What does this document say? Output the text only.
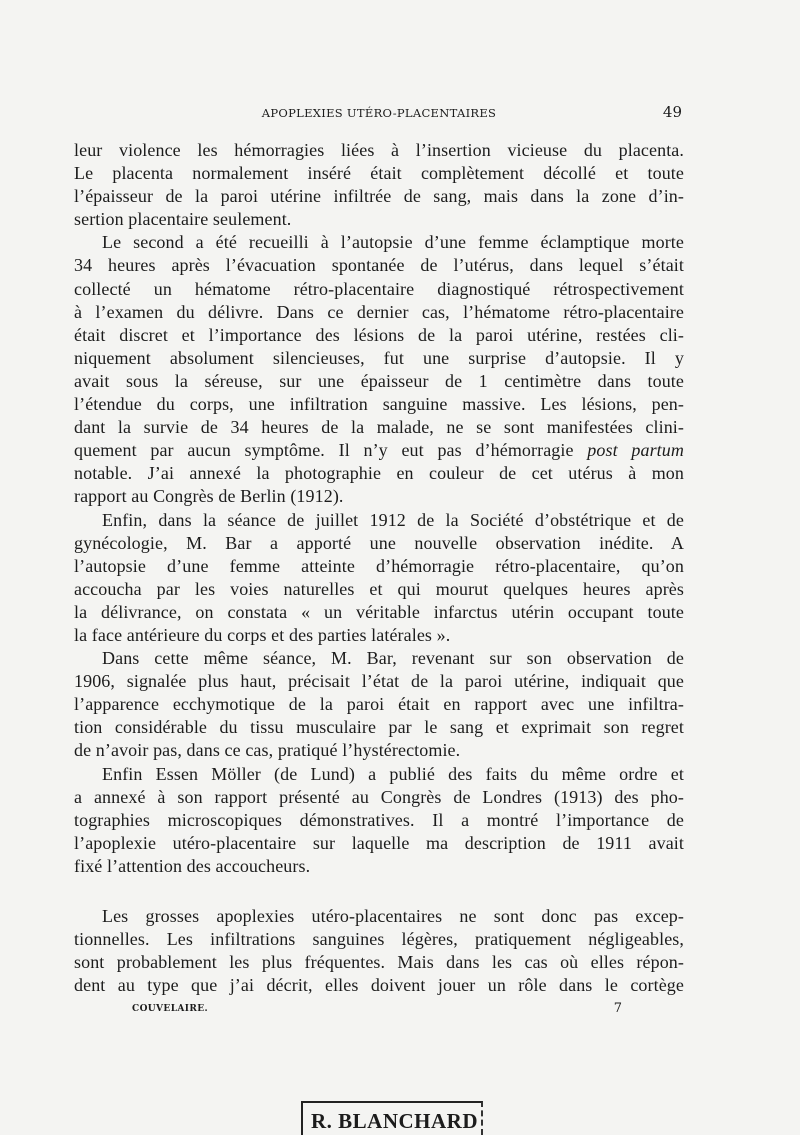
APOPLEXIES UTÉRO-PLACENTAIRES	49
leur violence les hémorragies liées à l’insertion vicieuse du placenta.
Le placenta normalement inséré était complètement décollé et toute
l’épaisseur de la paroi utérine infiltrée de sang, mais dans la zone d’in-
sertion placentaire seulement.
Le second a été recueilli à l’autopsie d’une femme éclamptique morte
34 heures après l’évacuation spontanée de l’utérus, dans lequel s’était
collecté un hématome rétro-placentaire diagnostiqué rétrospectivement
à l’examen du délivre. Dans ce dernier cas, l’hématome rétro-placentaire
était discret et l’importance des lésions de la paroi utérine, restées cli-
niquement absolument silencieuses, fut une surprise d’autopsie. Il y
avait sous la séreuse, sur une épaisseur de 1 centimètre dans toute
l’étendue du corps, une infiltration sanguine massive. Les lésions, pen-
dant la survie de 34 heures de la malade, ne se sont manifestées clini-
quement par aucun symptôme. Il n’y eut pas d’hémorragie post partum
notable. J’ai annexé la photographie en couleur de cet utérus à mon
rapport au Congrès de Berlin (1912).
Enfin, dans la séance de juillet 1912 de la Société d’obstétrique et de
gynécologie, M. Bar a apporté une nouvelle observation inédite. A
l’autopsie d’une femme atteinte d’hémorragie rétro-placentaire, qu’on
accoucha par les voies naturelles et qui mourut quelques heures après
la délivrance, on constata « un véritable infarctus utérin occupant toute
la face antérieure du corps et des parties latérales ».
Dans cette même séance, M. Bar, revenant sur son observation de
1906, signalée plus haut, précisait l’état de la paroi utérine, indiquait que
l’apparence ecchymotique de la paroi était en rapport avec une infiltra-
tion considérable du tissu musculaire par le sang et exprimait son regret
de n’avoir pas, dans ce cas, pratiqué l’hystérectomie.
Enfin Essen Möller (de Lund) a publié des faits du même ordre et
a annexé à son rapport présenté au Congrès de Londres (1913) des pho-
tographies microscopiques démonstratives. Il a montré l’importance de
l’apoplexie utéro-placentaire sur laquelle ma description de 1911 avait
fixé l’attention des accoucheurs.
Les grosses apoplexies utéro-placentaires ne sont donc pas excep-
tionnelles. Les infiltrations sanguines légères, pratiquement négligeables,
sont probablement les plus fréquentes. Mais dans les cas où elles répon-
dent au type que j’ai décrit, elles doivent jouer un rôle dans le cortège
COUVELAIRE.	7
R. BLANCHARD
